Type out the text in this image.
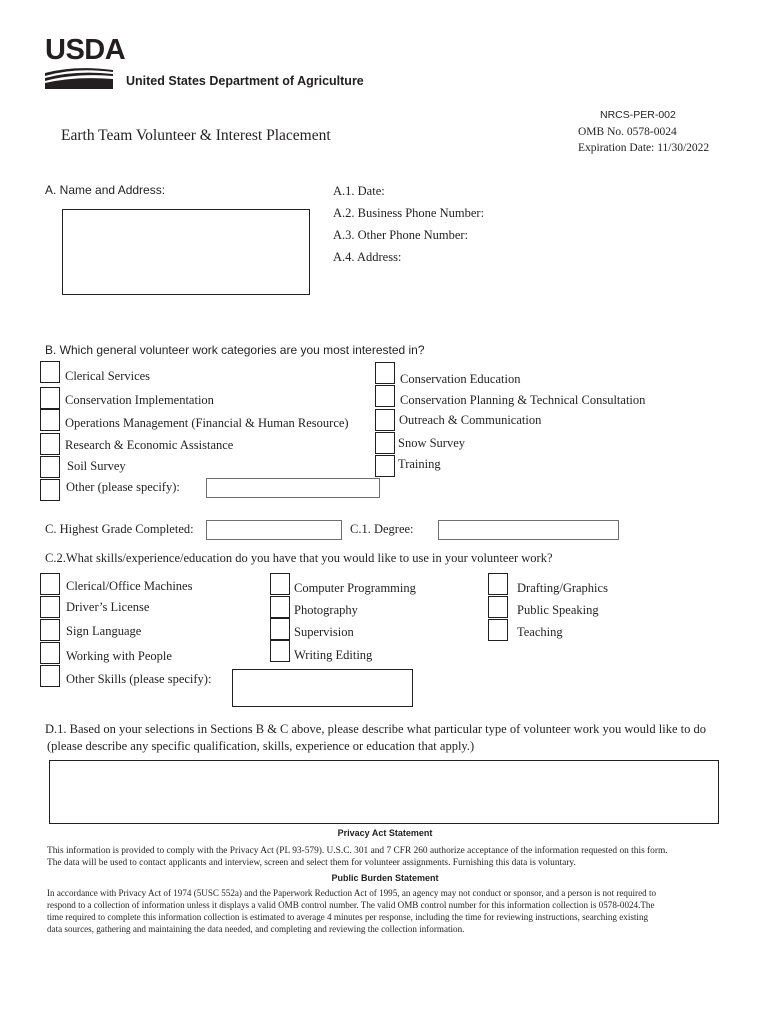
USDA
United States Department of Agriculture
NRCS-PER-002
Earth Team Volunteer & Interest Placement	OMB No. 0578-0024
Expiration Date: 11/30/2022
A. Name and Address:	A.1. Date:
A.2. Business Phone Number:
A.3. Other Phone Number:
A.4. Address:
B. Which general volunteer work categories are you most interested in?
Clerical Services
Conservation Implementation
Operations Management (Financial & Human Resource)
Research & Economic Assistance
Soil Survey
Other (please specify):
Conservation Education
Conservation Planning & Technical Consultation
Outreach & Communication
Snow Survey
Training
C. Highest Grade Completed:	C.1. Degree:
C.2.What skills/experience/education do you have that you would like to use in your volunteer work?
Clerical/Office Machines
Driver’s License
Sign Language
Working with People
Other Skills (please specify):
Computer Programming
Photography
Supervision
Writing Editing
Drafting/Graphics
Public Speaking
Teaching
D.1. Based on your selections in Sections B & C above, please describe what particular type of volunteer work you would like to do
(please describe any specific qualification, skills, experience or education that apply.)
Privacy Act Statement
This information is provided to comply with the Privacy Act (PL 93-579). U.S.C. 301 and 7 CFR 260 authorize acceptance of the information requested on this form.
The data will be used to contact applicants and interview, screen and select them for volunteer assignments. Furnishing this data is voluntary.
Public Burden Statement
In accordance with Privacy Act of 1974 (5USC 552a) and the Paperwork Reduction Act of 1995, an agency may not conduct or sponsor, and a person is not required to
respond to a collection of information unless it displays a valid OMB control number. The valid OMB control number for this information collection is 0578-0024.The
time required to complete this information collection is estimated to average 4 minutes per response, including the time for reviewing instructions, searching existing
data sources, gathering and maintaining the data needed, and completing and reviewing the collection information.
